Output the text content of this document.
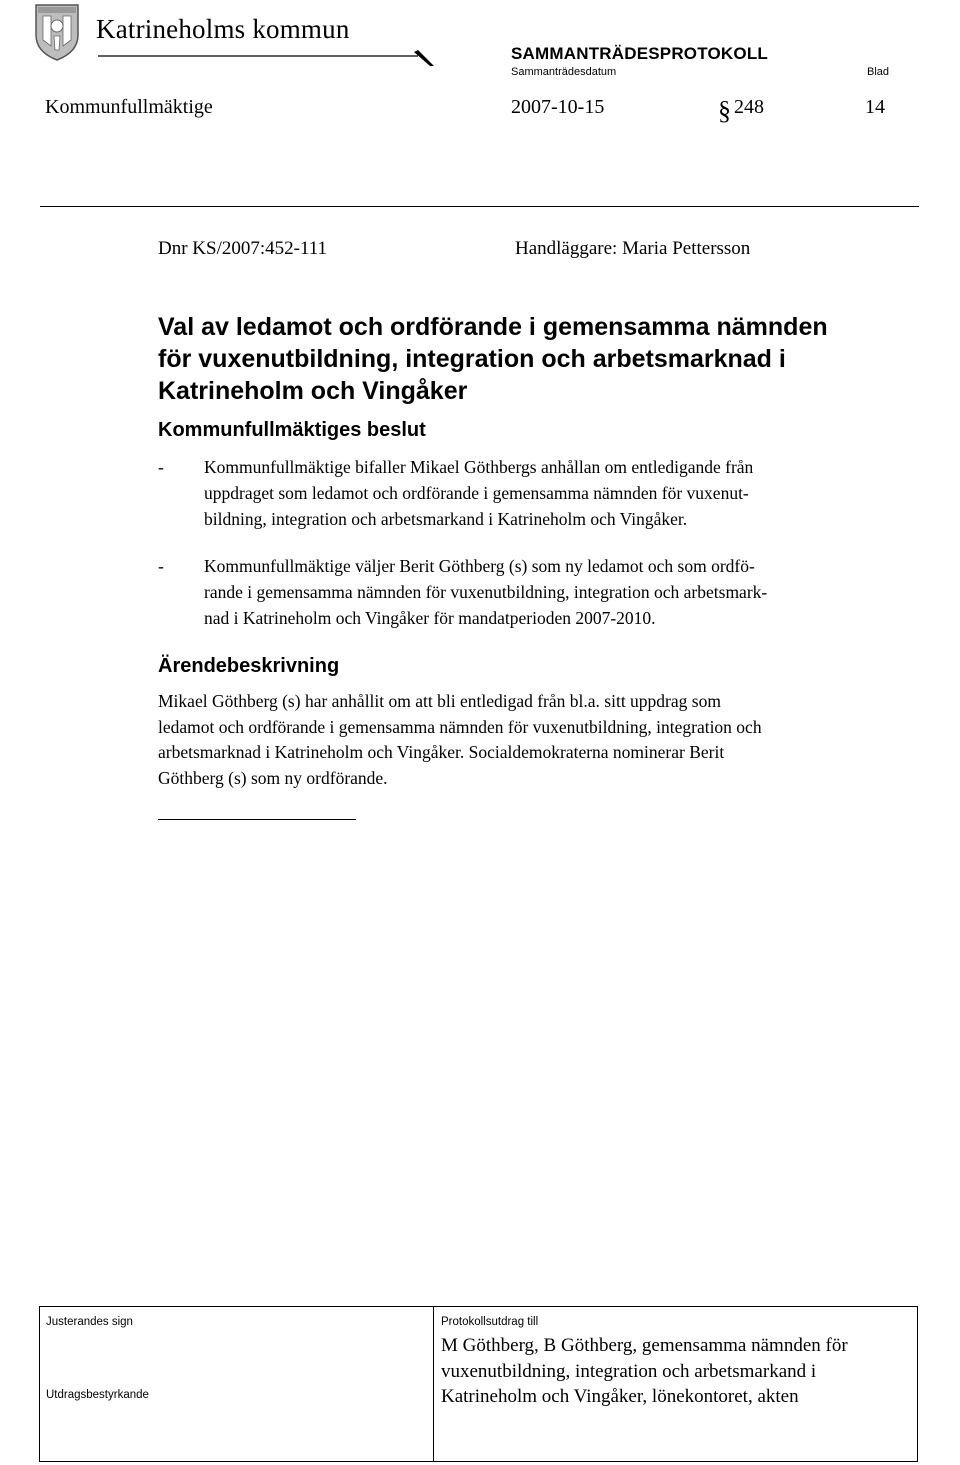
Katrineholms kommun
SAMMANTRÄDESPROTOKOLL
Sammanträdesdatum	Blad
Kommunfullmäktige	2007-10-15	§ 248	14
Dnr KS/2007:452-111	Handläggare: Maria Pettersson
Val av ledamot och ordförande i gemensamma nämnden
för vuxenutbildning, integration och arbetsmarknad i
Katrineholm och Vingåker
Kommunfullmäktiges beslut
- Kommunfullmäktige bifaller Mikael Göthbergs anhållan om entledigande från
uppdraget som ledamot och ordförande i gemensamma nämnden för vuxenut-
bildning, integration och arbetsmarkand i Katrineholm och Vingåker.
- Kommunfullmäktige väljer Berit Göthberg (s) som ny ledamot och som ordfö-
rande i gemensamma nämnden för vuxenutbildning, integration och arbetsmark-
nad i Katrineholm och Vingåker för mandatperioden 2007-2010.
Ärendebeskrivning
Mikael Göthberg (s) har anhållit om att bli entledigad från bl.a. sitt uppdrag som
ledamot och ordförande i gemensamma nämnden för vuxenutbildning, integration och
arbetsmarknad i Katrineholm och Vingåker. Socialdemokraterna nominerar Berit
Göthberg (s) som ny ordförande.
Justerandes sign
Utdragsbestyrkande
Protokollsutdrag till
M Göthberg, B Göthberg, gemensamma nämnden för
vuxenutbildning, integration och arbetsmarkand i
Katrineholm och Vingåker, lönekontoret, akten
